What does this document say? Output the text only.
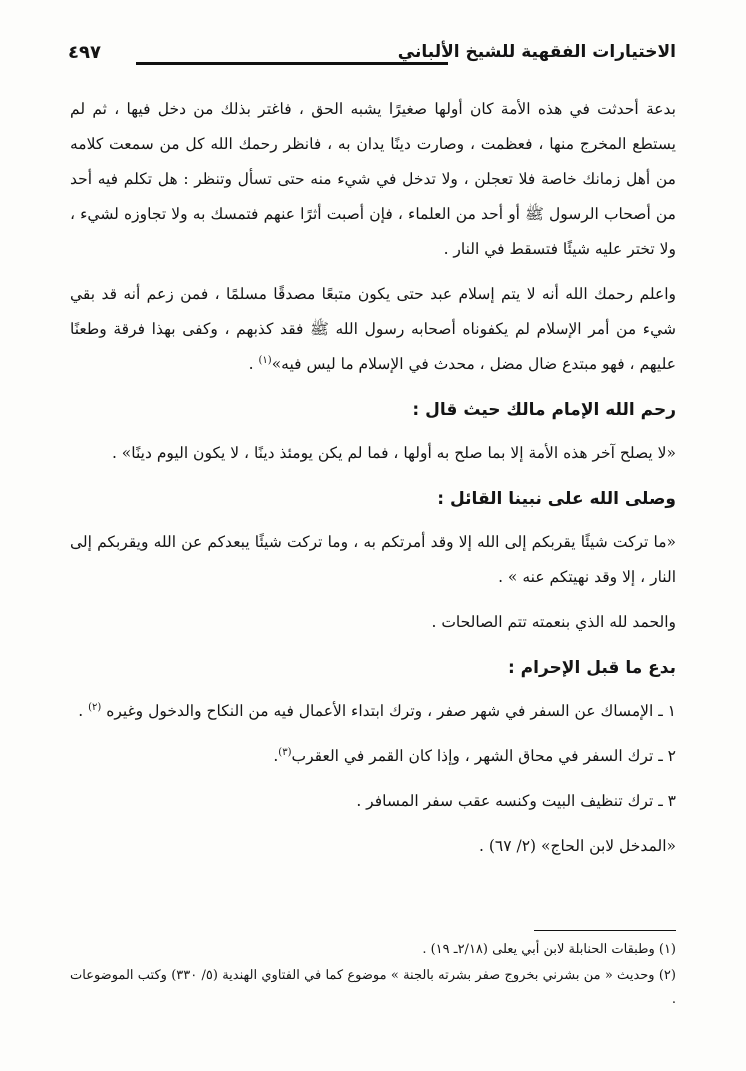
الاختيارات الفقهية للشيخ الألباني
٤٩٧

بدعة أحدثت في هذه الأمة كان أولها صغيرًا يشبه الحق ، فاغتر بذلك من دخل فيها ، ثم لم يستطع المخرج منها ، فعظمت ، وصارت دينًا يدان به ، فانظر رحمك الله كل من سمعت كلامه من أهل زمانك خاصة فلا تعجلن ، ولا تدخل في شيء منه حتى تسأل وتنظر : هل تكلم فيه أحد من أصحاب الرسول ﷺ أو أحد من العلماء ، فإن أصبت أثرًا عنهم فتمسك به ولا تجاوزه لشيء ، ولا تختر عليه شيئًا فتسقط في النار .

واعلم رحمك الله أنه لا يتم إسلام عبد حتى يكون متبعًا مصدقًا مسلمًا ، فمن زعم أنه قد بقي شيء من أمر الإسلام لم يكفوناه أصحابه رسول الله ﷺ فقد كذبهم ، وكفى بهذا فرقة وطعنًا عليهم ، فهو مبتدع ضال مضل ، محدث في الإسلام ما ليس فيه»$^{(١)}$ .

رحم الله الإمام مالك حيث قال :

«لا يصلح آخر هذه الأمة إلا بما صلح به أولها ، فما لم يكن يومئذ دينًا ، لا يكون اليوم دينًا» .

وصلى الله على نبينا القائل :

«ما تركت شيئًا يقربكم إلى الله إلا وقد أمرتكم به ، وما تركت شيئًا يبعدكم عن الله ويقربكم إلى النار ، إلا وقد نهيتكم عنه » .

والحمد لله الذي بنعمته تتم الصالحات .

بدع ما قبل الإحرام :

١ ـ الإمساك عن السفر في شهر صفر ، وترك ابتداء الأعمال فيه من النكاح والدخول وغيره $^{(٢)}$ .

٢ ـ ترك السفر في محاق الشهر ، وإذا كان القمر في العقرب$^{(٣)}$.

٣ ـ ترك تنظيف البيت وكنسه عقب سفر المسافر .

«المدخل لابن الحاج» (٢/ ٦٧) .

(١) وطبقات الحنابلة لابن أبي يعلى (٢/١٨ـ ١٩) .

(٢) وحديث « من بشرني بخروج صفر بشرته بالجنة » موضوع كما في الفتاوي الهندية (٥/ ٣٣٠) وكتب الموضوعات .
